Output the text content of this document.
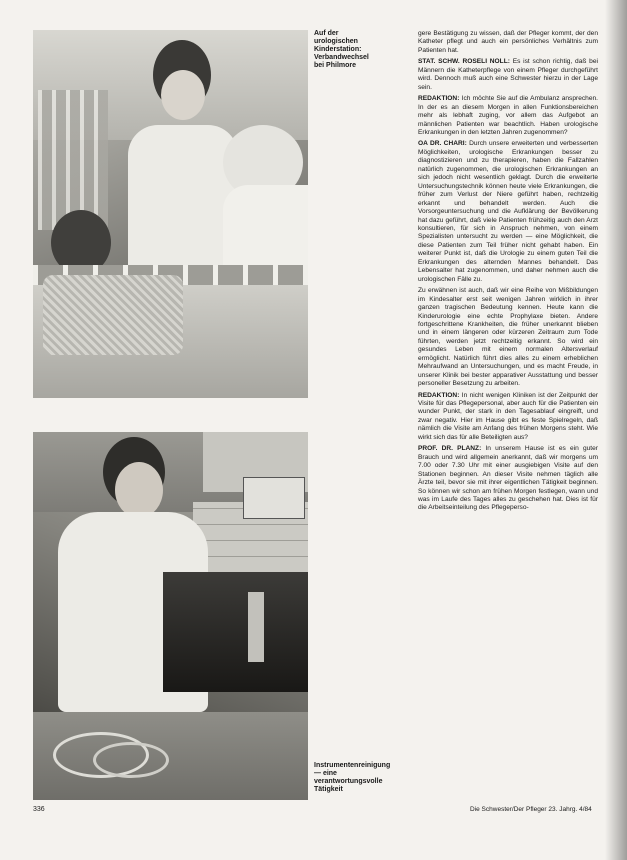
Auf der urologischen Kinderstation: Verbandwechsel bei Philmore
Instrumentenreinigung — eine verantwortungsvolle Tätigkeit

gere Bestätigung zu wissen, daß der Pfleger kommt, der den Katheter pflegt und auch ein persönliches Verhältnis zum Patienten hat.

STAT. SCHW. ROSELI NOLL: Es ist schon richtig, daß bei Männern die Katheterpflege von einem Pfleger durchgeführt wird. Dennoch muß auch eine Schwester hierzu in der Lage sein.

REDAKTION: Ich möchte Sie auf die Ambulanz ansprechen. In der es an diesem Morgen in allen Funktionsbereichen mehr als lebhaft zuging, vor allem das Aufgebot an männlichen Patienten war beachtlich. Haben urologische Erkrankungen in den letzten Jahren zugenommen?

OA DR. CHARI: Durch unsere erweiterten und verbesserten Möglichkeiten, urologische Erkrankungen besser zu diagnostizieren und zu therapieren, haben die Fallzahlen natürlich zugenommen, die urologischen Erkrankungen an sich jedoch nicht wesentlich geklagt. Durch die erweiterte Untersuchungstechnik können heute viele Erkrankungen, die früher zum Verlust der Niere geführt haben, rechtzeitig erkannt und behandelt werden. Auch die Vorsorgeuntersuchung und die Aufklärung der Bevölkerung hat dazu geführt, daß viele Patienten frühzeitig auch den Arzt konsultieren, für sich in Anspruch nehmen, von einem Spezialisten untersucht zu werden — eine Möglichkeit, die diese Patienten zum Teil früher nicht gehabt haben. Ein weiterer Punkt ist, daß die Urologie zu einem guten Teil die Erkrankungen des alternden Mannes behandelt. Das Lebensalter hat zugenommen, und daher nehmen auch die urologischen Fälle zu.

Zu erwähnen ist auch, daß wir eine Reihe von Mißbildungen im Kindesalter erst seit wenigen Jahren wirklich in ihrer ganzen tragischen Bedeutung kennen. Heute kann die Kinderurologie eine echte Prophylaxe bieten. Andere fortgeschrittene Krankheiten, die früher unerkannt blieben und in einem längeren oder kürzeren Zeitraum zum Tode führten, werden jetzt rechtzeitig erkannt. So wird ein gesundes Leben mit einem normalen Altersverlauf ermöglicht. Natürlich führt dies alles zu einem erheblichen Mehraufwand an Untersuchungen, und es macht Freude, in unserer Klinik bei bester apparativer Ausstattung und besser personeller Besetzung zu arbeiten.

REDAKTION: In nicht wenigen Kliniken ist der Zeitpunkt der Visite für das Pflegepersonal, aber auch für die Patienten ein wunder Punkt, der stark in den Tagesablauf eingreift, und zwar negativ. Hier im Hause gibt es feste Spielregeln, daß nämlich die Visite am Anfang des frühen Morgens steht. Wie wirkt sich das für alle Beteiligten aus?

PROF. DR. PLANZ: In unserem Hause ist es ein guter Brauch und wird allgemein anerkannt, daß wir morgens um 7.00 oder 7.30 Uhr mit einer ausgiebigen Visite auf den Stationen beginnen. An dieser Visite nehmen täglich alle Ärzte teil, bevor sie mit ihrer eigentlichen Tätigkeit beginnen. So können wir schon am frühen Morgen festlegen, wann und was im Laufe des Tages alles zu geschehen hat. Dies ist für die Arbeitseinteilung des Pflegeperso-

336	Die Schwester/Der Pfleger 23. Jahrg. 4/84
